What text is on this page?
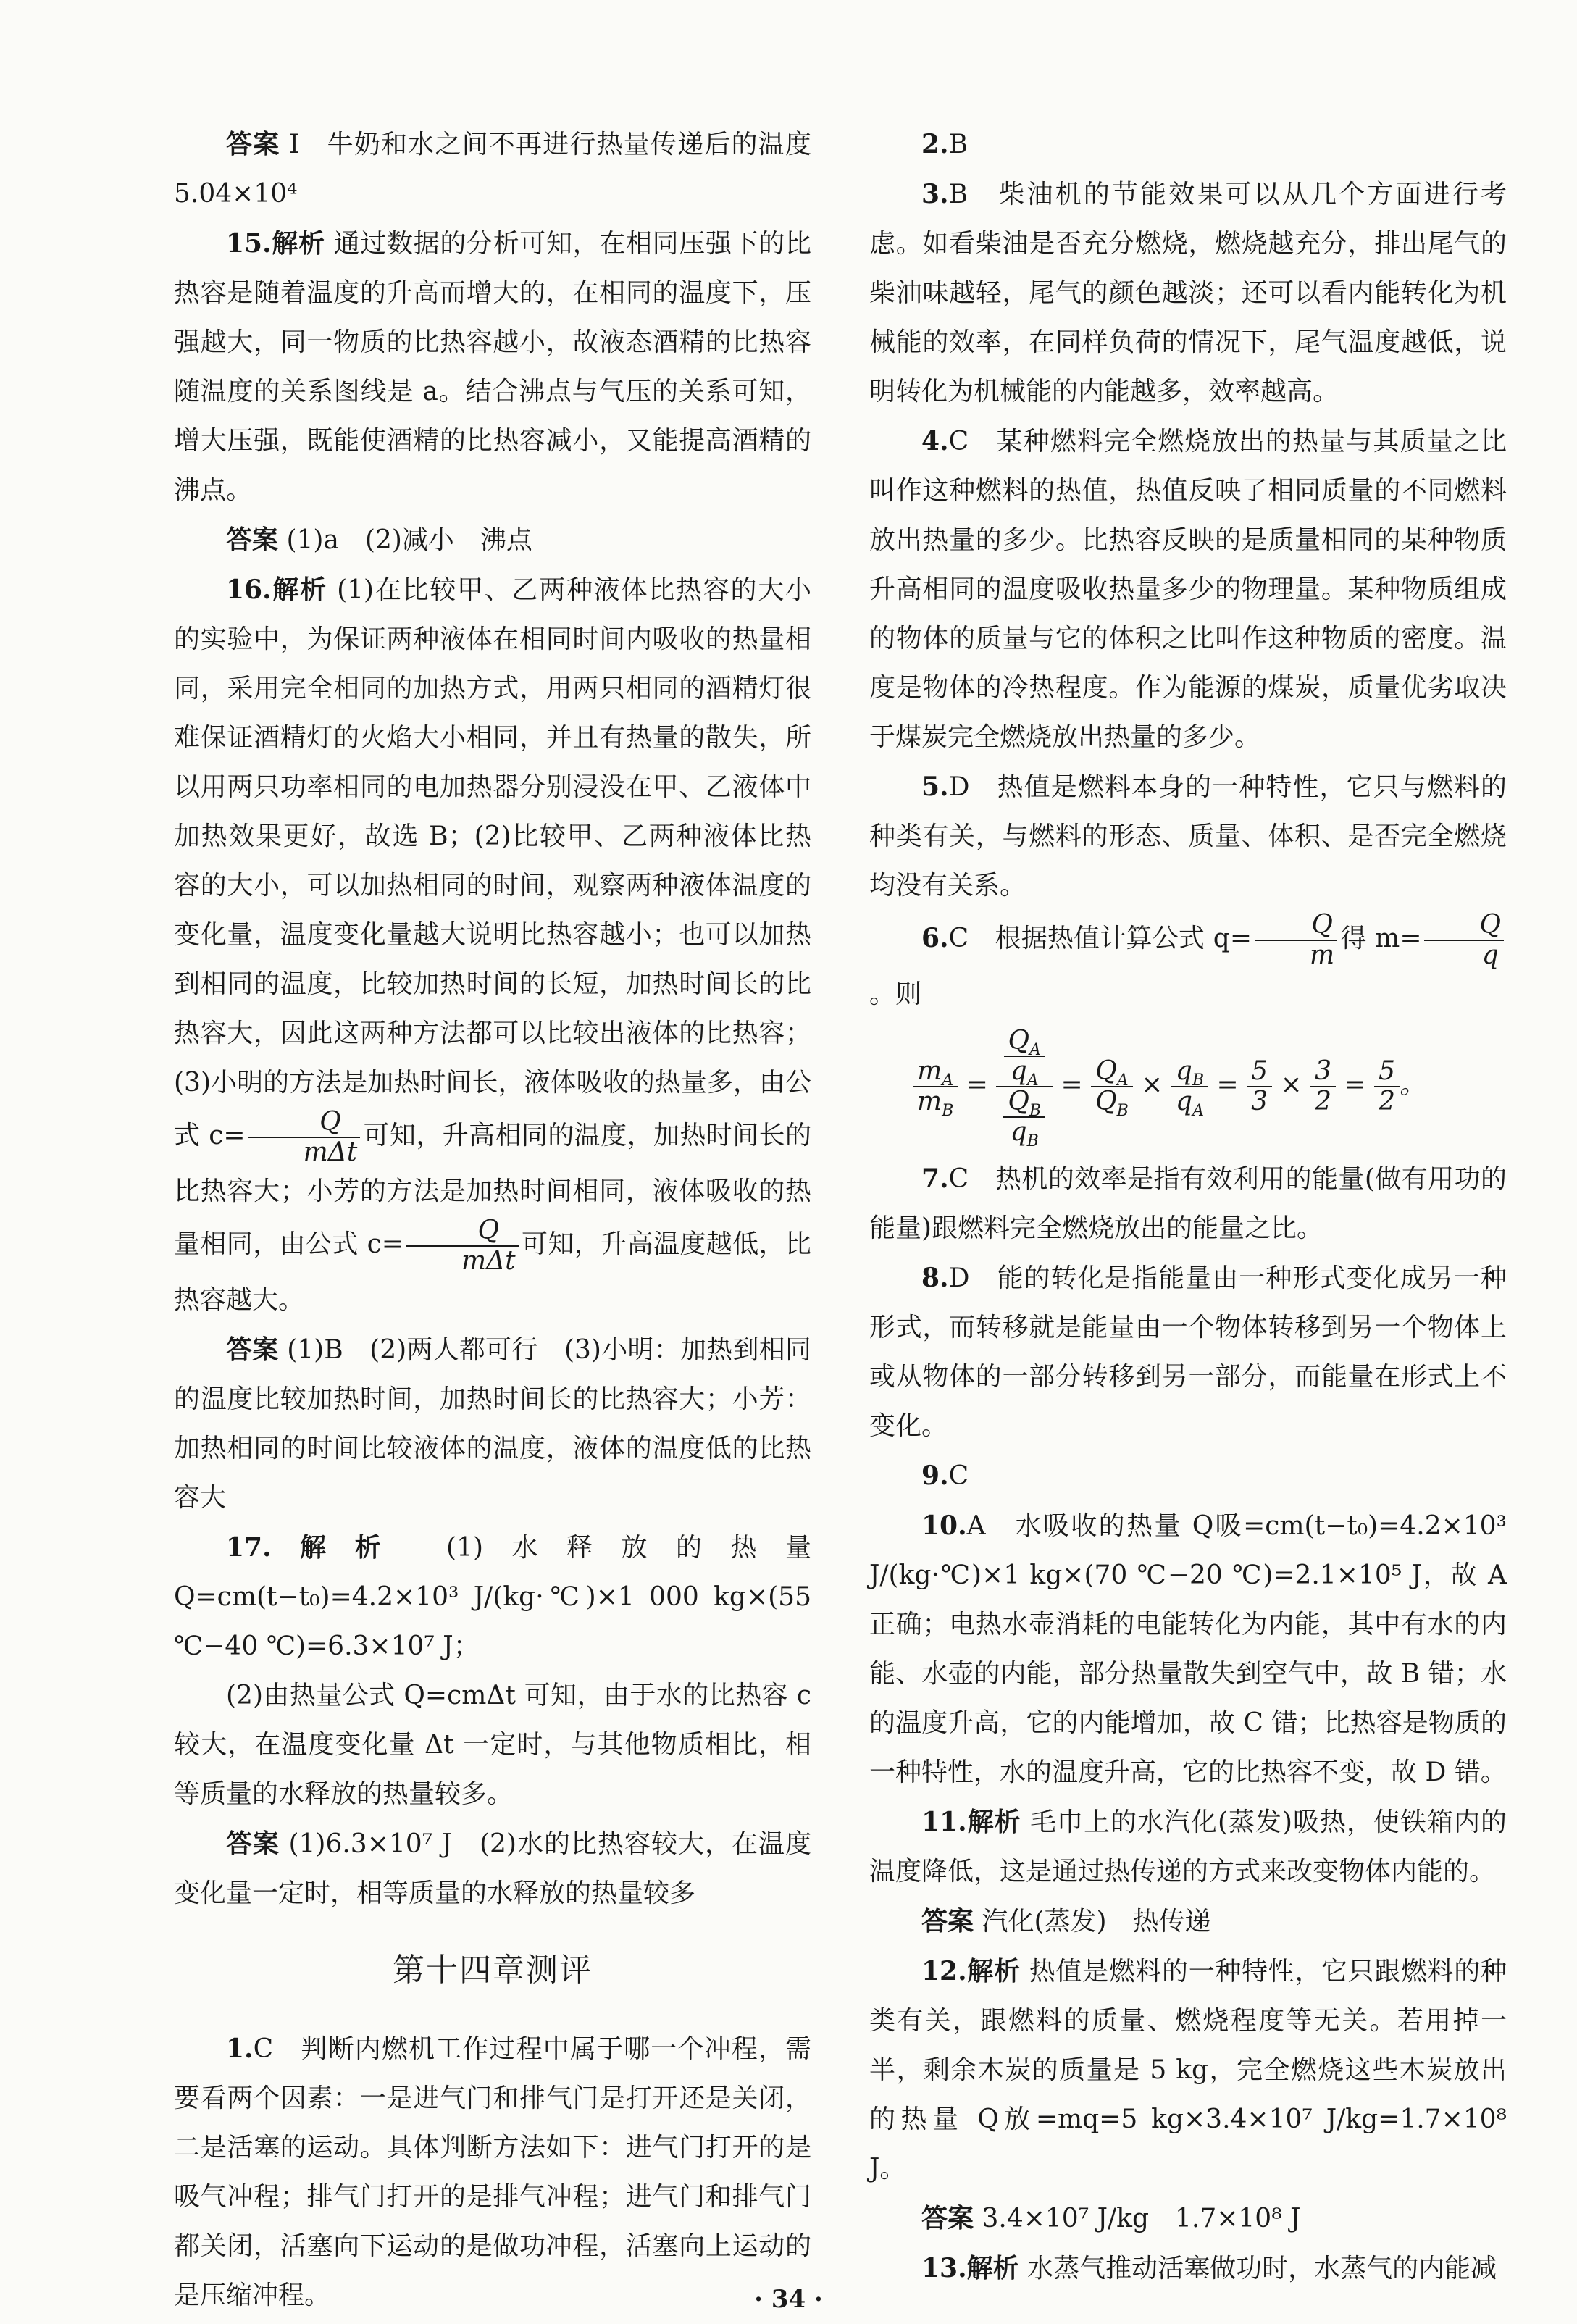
答案 Ⅰ　牛奶和水之间不再进行热量传递后的温度　5.04×10⁴

15.解析 通过数据的分析可知，在相同压强下的比热容是随着温度的升高而增大的，在相同的温度下，压强越大，同一物质的比热容越小，故液态酒精的比热容随温度的关系图线是 a。结合沸点与气压的关系可知，增大压强，既能使酒精的比热容减小，又能提高酒精的沸点。

答案 (1)a　(2)减小　沸点

16.解析 (1)在比较甲、乙两种液体比热容的大小的实验中，为保证两种液体在相同时间内吸收的热量相同，采用完全相同的加热方式，用两只相同的酒精灯很难保证酒精灯的火焰大小相同，并且有热量的散失，所以用两只功率相同的电加热器分别浸没在甲、乙液体中加热效果更好，故选 B；(2)比较甲、乙两种液体比热容的大小，可以加热相同的时间，观察两种液体温度的变化量，温度变化量越大说明比热容越小；也可以加热到相同的温度，比较加热时间的长短，加热时间长的比热容大，因此这两种方法都可以比较出液体的比热容；(3)小明的方法是加热时间长，液体吸收的热量多，由公式 $c= \frac{Q}{\text{mΔt}}$ 可知，升高相同的温度，加热时间长的比热容大；小芳的方法是加热时间相同，液体吸收的热量相同，由公式 $c= \frac{Q}{\text{mΔt}}$ 可知，升高温度越低，比热容越大。

答案 (1)B　(2)两人都可行　(3)小明：加热到相同的温度比较加热时间，加热时间长的比热容大；小芳：加热相同的时间比较液体的温度，液体的温度低的比热容大

17.解析 (1)水释放的热量 Q=cm(t−t₀)=4.2×10³ J/(kg·℃)×1 000 kg×(55 ℃−40 ℃)=6.3×10⁷ J；

(2)由热量公式 Q=cmΔt 可知，由于水的比热容 c 较大，在温度变化量 Δt 一定时，与其他物质相比，相等质量的水释放的热量较多。

答案 (1)6.3×10⁷ J　(2)水的比热容较大，在温度变化量一定时，相等质量的水释放的热量较多

第十四章测评

1.C　判断内燃机工作过程中属于哪一个冲程，需要看两个因素：一是进气门和排气门是打开还是关闭，二是活塞的运动。具体判断方法如下：进气门打开的是吸气冲程；排气门打开的是排气冲程；进气门和排气门都关闭，活塞向下运动的是做功冲程，活塞向上运动的是压缩冲程。

2.B

3.B　柴油机的节能效果可以从几个方面进行考虑。如看柴油是否充分燃烧，燃烧越充分，排出尾气的柴油味越轻，尾气的颜色越淡；还可以看内能转化为机械能的效率，在同样负荷的情况下，尾气温度越低，说明转化为机械能的内能越多，效率越高。

4.C　某种燃料完全燃烧放出的热量与其质量之比叫作这种燃料的热值，热值反映了相同质量的不同燃料放出热量的多少。比热容反映的是质量相同的某种物质升高相同的温度吸收热量多少的物理量。某种物质组成的物体的质量与它的体积之比叫作这种物质的密度。温度是物体的冷热程度。作为能源的煤炭，质量优劣取决于煤炭完全燃烧放出热量的多少。

5.D　热值是燃料本身的一种特性，它只与燃料的种类有关，与燃料的形态、质量、体积、是否完全燃烧均没有关系。

6.C　根据热值计算公式 $q= \frac{Q}{m}$ 得 $m= \frac{Q}{q}$
。则

$\frac{m_A}{m_B} = \frac{\frac{Q_A}{q_A}}{\frac{Q_B}{q_B}} = \frac{Q_A}{Q_B} \times \frac{q_B}{q_A} = \frac{5}{3} \times \frac{3}{2} = \frac{5}{2}$ 。

7.C　热机的效率是指有效利用的能量(做有用功的能量)跟燃料完全燃烧放出的能量之比。

8.D　能的转化是指能量由一种形式变化成另一种形式，而转移就是能量由一个物体转移到另一个物体上或从物体的一部分转移到另一部分，而能量在形式上不变化。

9.C

10.A　水吸收的热量 Q吸=cm(t−t₀)=4.2×10³ J/(kg·℃)×1 kg×(70 ℃−20 ℃)=2.1×10⁵ J，故 A 正确；电热水壶消耗的电能转化为内能，其中有水的内能、水壶的内能，部分热量散失到空气中，故 B 错；水的温度升高，它的内能增加，故 C 错；比热容是物质的一种特性，水的温度升高，它的比热容不变，故 D 错。

11.解析 毛巾上的水汽化(蒸发)吸热，使铁箱内的温度降低，这是通过热传递的方式来改变物体内能的。

答案 汽化(蒸发)　热传递

12.解析 热值是燃料的一种特性，它只跟燃料的种类有关，跟燃料的质量、燃烧程度等无关。若用掉一半，剩余木炭的质量是 5 kg，完全燃烧这些木炭放出的热量 Q放=mq=5 kg×3.4×10⁷ J/kg=1.7×10⁸ J。

答案 3.4×10⁷ J/kg　1.7×10⁸ J

13.解析 水蒸气推动活塞做功时，水蒸气的内能减

· 34 ·
